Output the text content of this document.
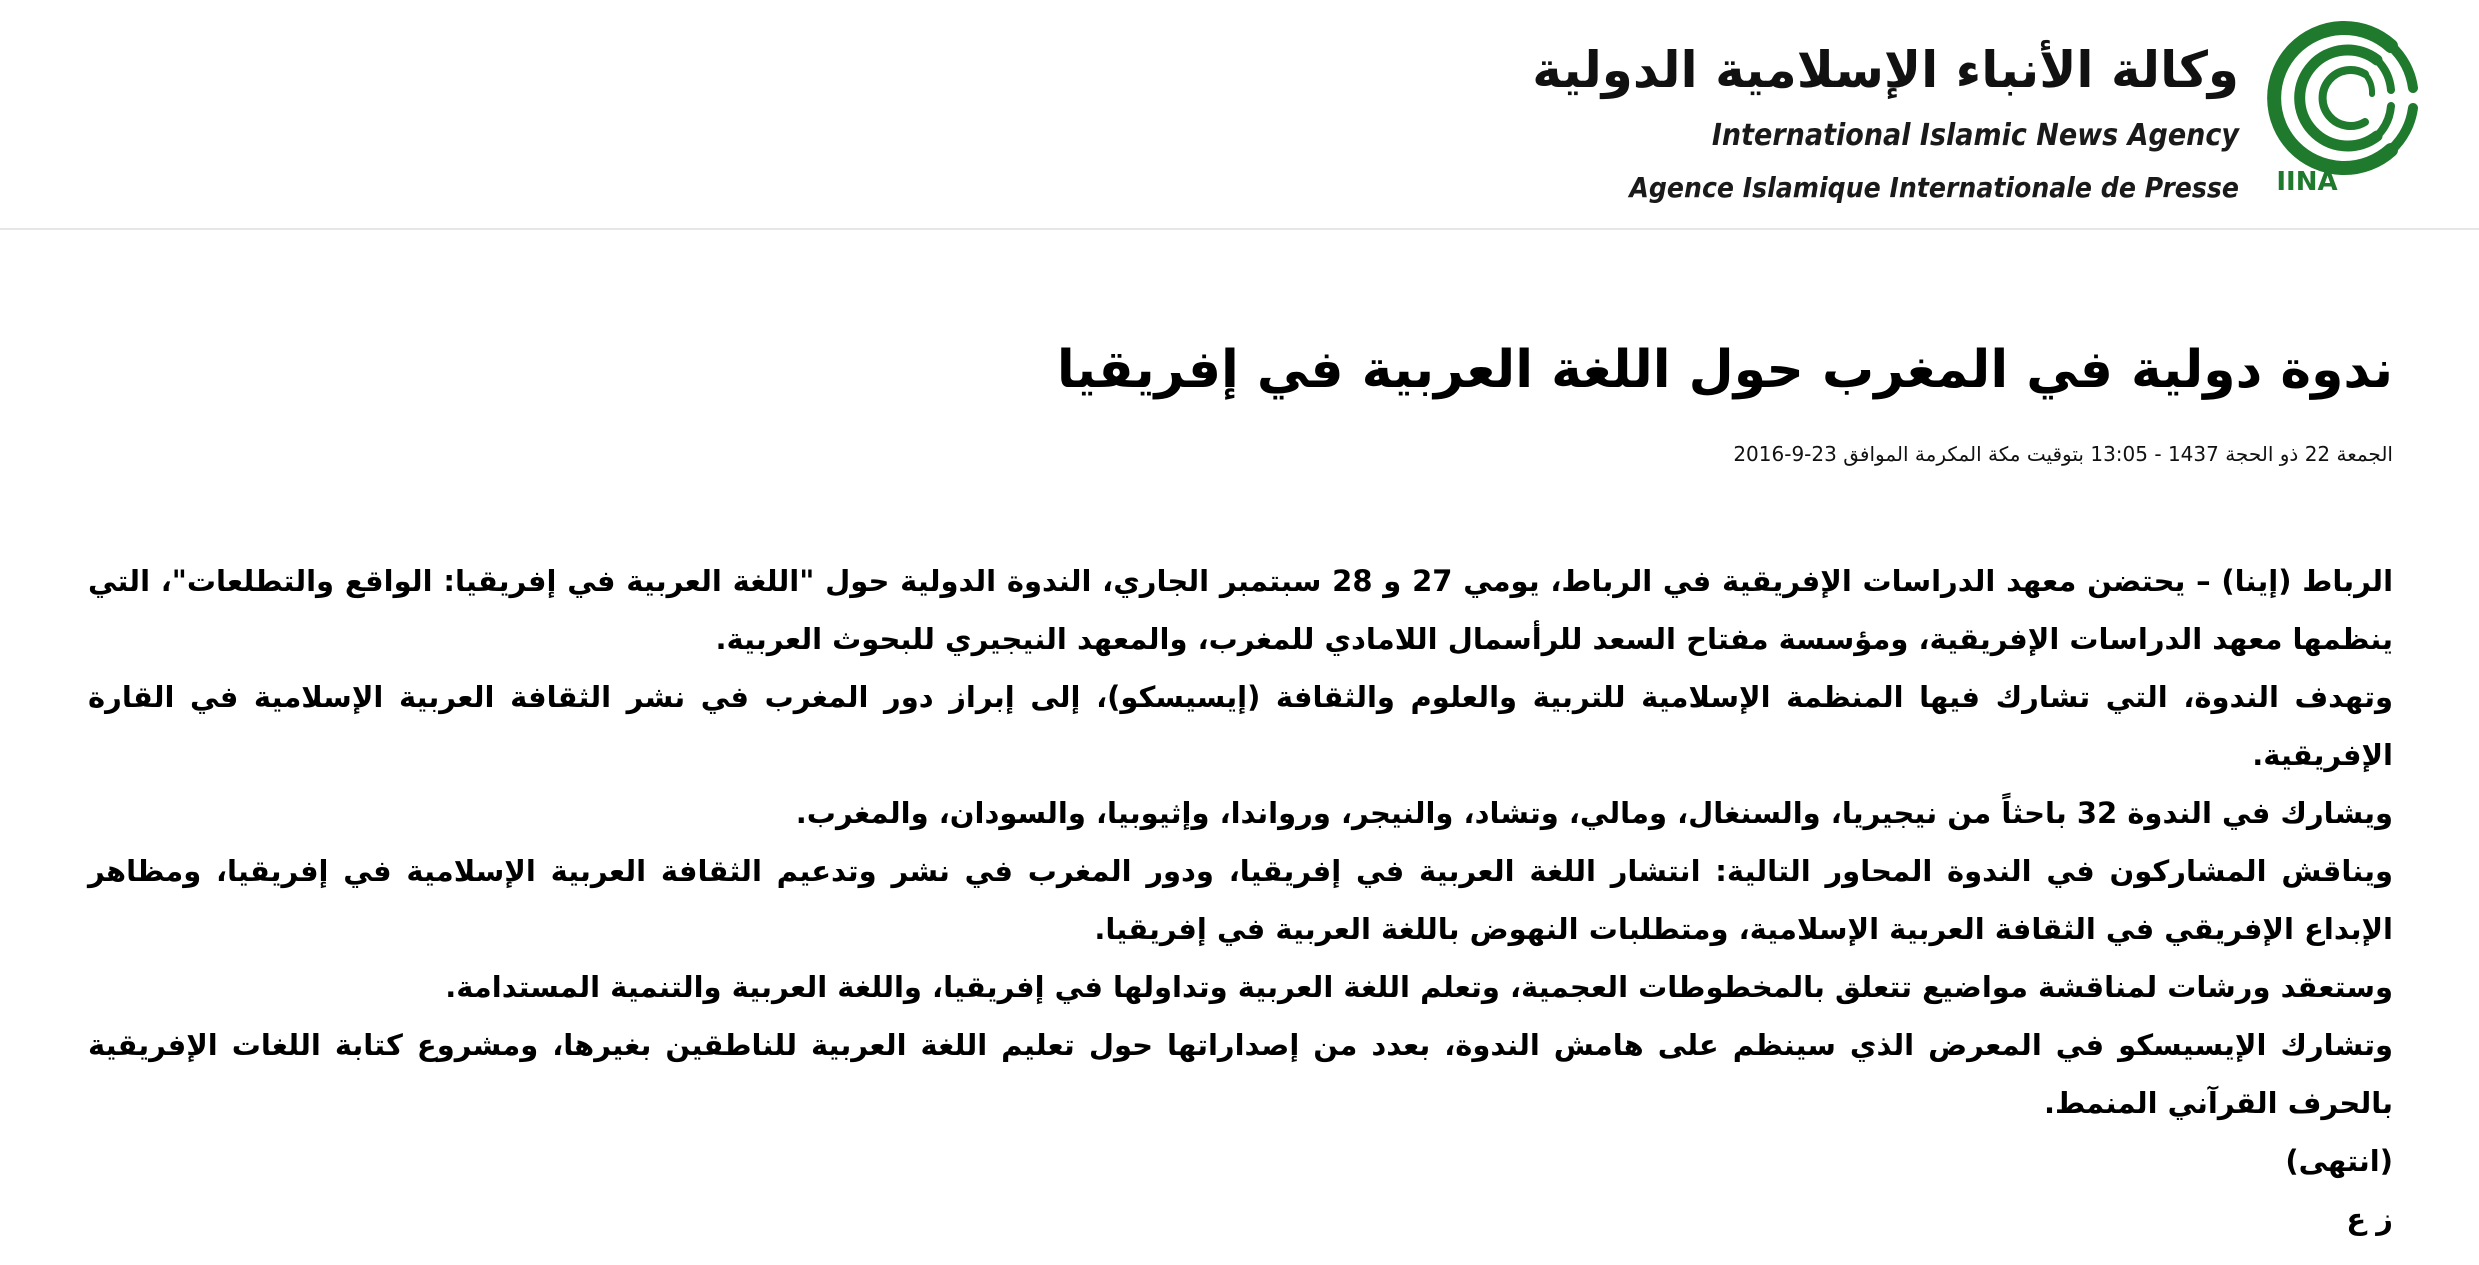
IINA
وكالة الأنباء الإسلامية الدولية
International Islamic News Agency
Agence Islamique Internationale de Presse
ندوة دولية في المغرب حول اللغة العربية في إفريقيا
الجمعة 22 ذو الحجة 1437 - 13:05 بتوقيت مكة المكرمة الموافق 23-9-2016

الرباط (إينا) – يحتضن معهد الدراسات الإفريقية في الرباط، يومي 27 و 28 سبتمبر الجاري، الندوة الدولية حول "اللغة العربية في إفريقيا: الواقع والتطلعات"، التي ينظمها معهد الدراسات الإفريقية، ومؤسسة مفتاح السعد للرأسمال اللامادي للمغرب، والمعهد النيجيري للبحوث العربية.

وتهدف الندوة، التي تشارك فيها المنظمة الإسلامية للتربية والعلوم والثقافة (إيسيسكو)، إلى إبراز دور المغرب في نشر الثقافة العربية الإسلامية في القارة الإفريقية.

ويشارك في الندوة 32 باحثاً من نيجيريا، والسنغال، ومالي، وتشاد، والنيجر، ورواندا، وإثيوبيا، والسودان، والمغرب.

ويناقش المشاركون في الندوة المحاور التالية: انتشار اللغة العربية في إفريقيا، ودور المغرب في نشر وتدعيم الثقافة العربية الإسلامية في إفريقيا، ومظاهر الإبداع الإفريقي في الثقافة العربية الإسلامية، ومتطلبات النهوض باللغة العربية في إفريقيا.

وستعقد ورشات لمناقشة مواضيع تتعلق بالمخطوطات العجمية، وتعلم اللغة العربية وتداولها في إفريقيا، واللغة العربية والتنمية المستدامة.

وتشارك الإيسيسكو في المعرض الذي سينظم على هامش الندوة، بعدد من إصداراتها حول تعليم اللغة العربية للناطقين بغيرها، ومشروع كتابة اللغات الإفريقية بالحرف القرآني المنمط.

(انتهى)

ز ع
